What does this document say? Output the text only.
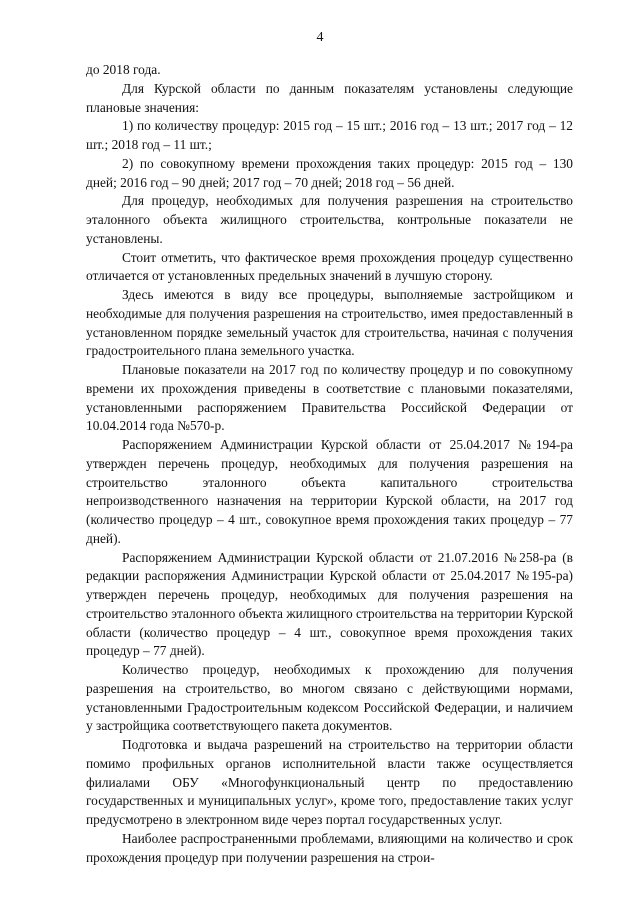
4

до 2018 года.

Для Курской области по данным показателям установлены следующие плановые значения:

1) по количеству процедур: 2015 год – 15 шт.; 2016 год – 13 шт.; 2017 год – 12 шт.; 2018 год – 11 шт.;

2) по совокупному времени прохождения таких процедур: 2015 год – 130 дней; 2016 год – 90 дней; 2017 год – 70 дней; 2018 год – 56 дней.

Для процедур, необходимых для получения разрешения на строительство эталонного объекта жилищного строительства, контрольные показатели не установлены.

Стоит отметить, что фактическое время прохождения процедур существенно отличается от установленных предельных значений в лучшую сторону.

Здесь имеются в виду все процедуры, выполняемые застройщиком и необходимые для получения разрешения на строительство, имея предоставленный в установленном порядке земельный участок для строительства, начиная с получения градостроительного плана земельного участка.

Плановые показатели на 2017 год по количеству процедур и по совокупному времени их прохождения приведены в соответствие с плановыми показателями, установленными распоряжением Правительства Российской Федерации от 10.04.2014 года №570-р.

Распоряжением Администрации Курской области от 25.04.2017 №194-ра утвержден перечень процедур, необходимых для получения разрешения на строительство эталонного объекта капитального строительства непроизводственного назначения на территории Курской области, на 2017 год (количество процедур – 4 шт., совокупное время прохождения таких процедур – 77 дней).

Распоряжением Администрации Курской области от 21.07.2016 №258-ра (в редакции распоряжения Администрации Курской области от 25.04.2017 №195-ра) утвержден перечень процедур, необходимых для получения разрешения на строительство эталонного объекта жилищного строительства на территории Курской области (количество процедур – 4 шт., совокупное время прохождения таких процедур – 77 дней).

Количество процедур, необходимых к прохождению для получения разрешения на строительство, во многом связано с действующими нормами, установленными Градостроительным кодексом Российской Федерации, и наличием у застройщика соответствующего пакета документов.

Подготовка и выдача разрешений на строительство на территории области помимо профильных органов исполнительной власти также осуществляется филиалами ОБУ «Многофункциональный центр по предоставлению государственных и муниципальных услуг», кроме того, предоставление таких услуг предусмотрено в электронном виде через портал государственных услуг.

Наиболее распространенными проблемами, влияющими на количество и срок прохождения процедур при получении разрешения на строи-
